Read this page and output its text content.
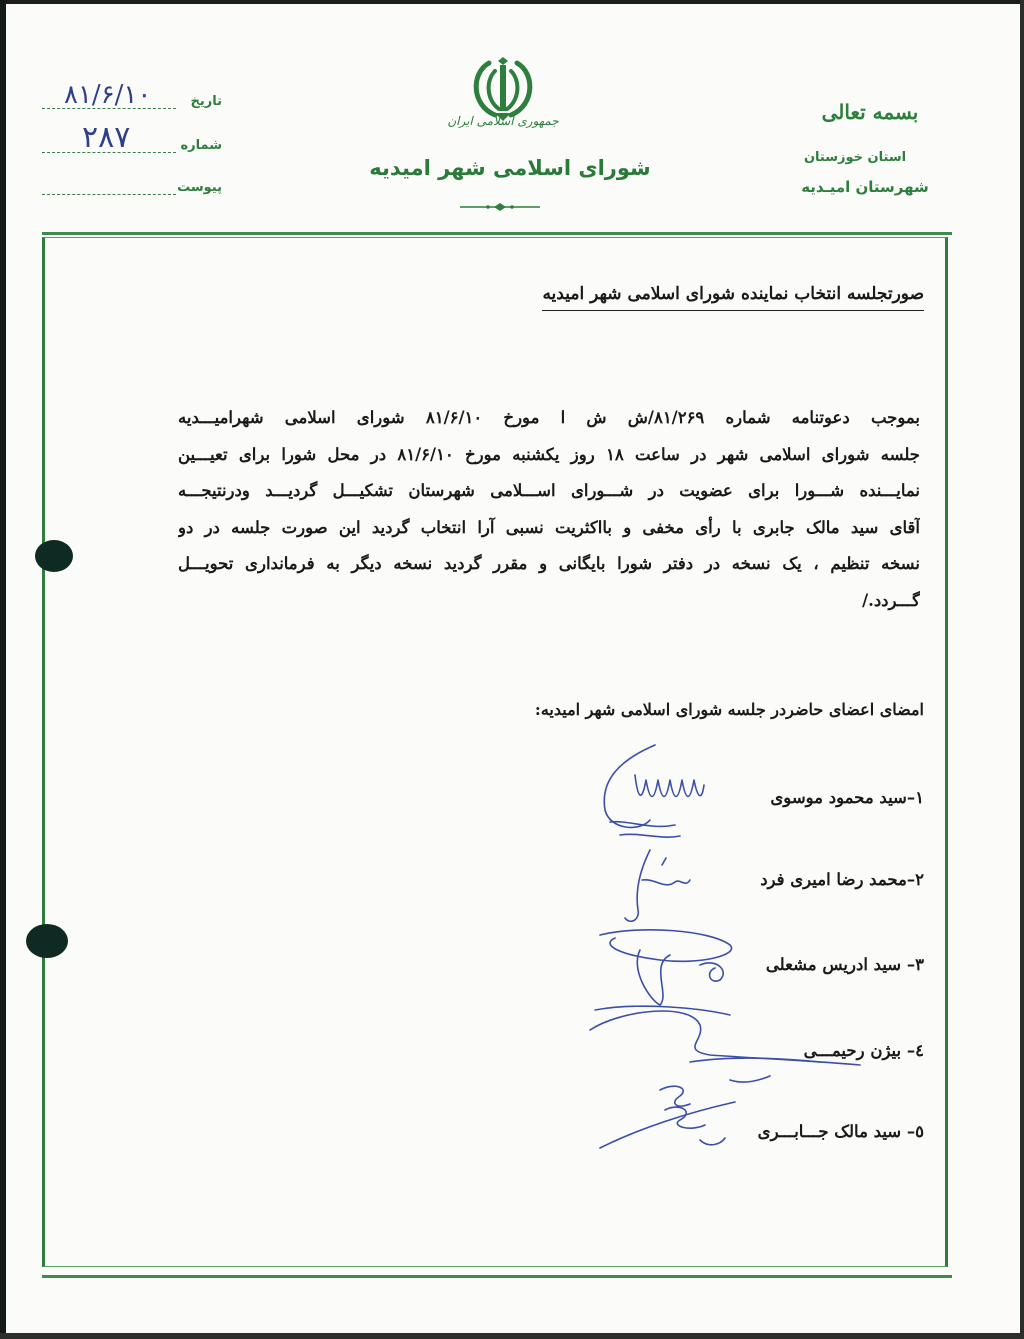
تاریخ
۸۱/۶/۱۰
شماره
۲۸۷
پیوست
جمهوری اسلامی ایران
شورای اسلامی شهر امیدیه
بسمه تعالی
استان خوزستان
شهرستان امیـدیه
صورتجلسه انتخاب نماینده شورای اسلامی شهر امیدیه
بموجب دعوتنامه شماره ۸۱/۲۶۹/ش ش ا مورخ ۸۱/۶/۱۰ شورای اسلامی شهرامیـــدیه
جلسه شورای اسلامی شهر در ساعت ۱۸ روز یکشنبه مورخ ۸۱/۶/۱۰ در محل شورا برای تعیـــین
نمایـــنده شـــورا برای عضویت در شـــورای اســـلامی شهرستان تشکیـــل گردیـــد ودرنتیجـــه
آقای سید مالک جابری با رأی مخفی و بااکثریت نسبی آرا انتخاب گردید این صورت جلسه در دو
نسخه تنظیم ، یک نسخه در دفتر شورا بایگانی و مقرر گردید نسخه دیگر به فرمانداری تحویـــل
گـــردد./
امضای اعضای حاضردر جلسه شورای اسلامی شهر امیدیه:
۱–سید محمود موسوی
۲–محمد رضا امیری فرد
۳– سید ادریس مشعلی
٤– بیژن رحیمـــی
٥– سید مالک جـــابـــری
